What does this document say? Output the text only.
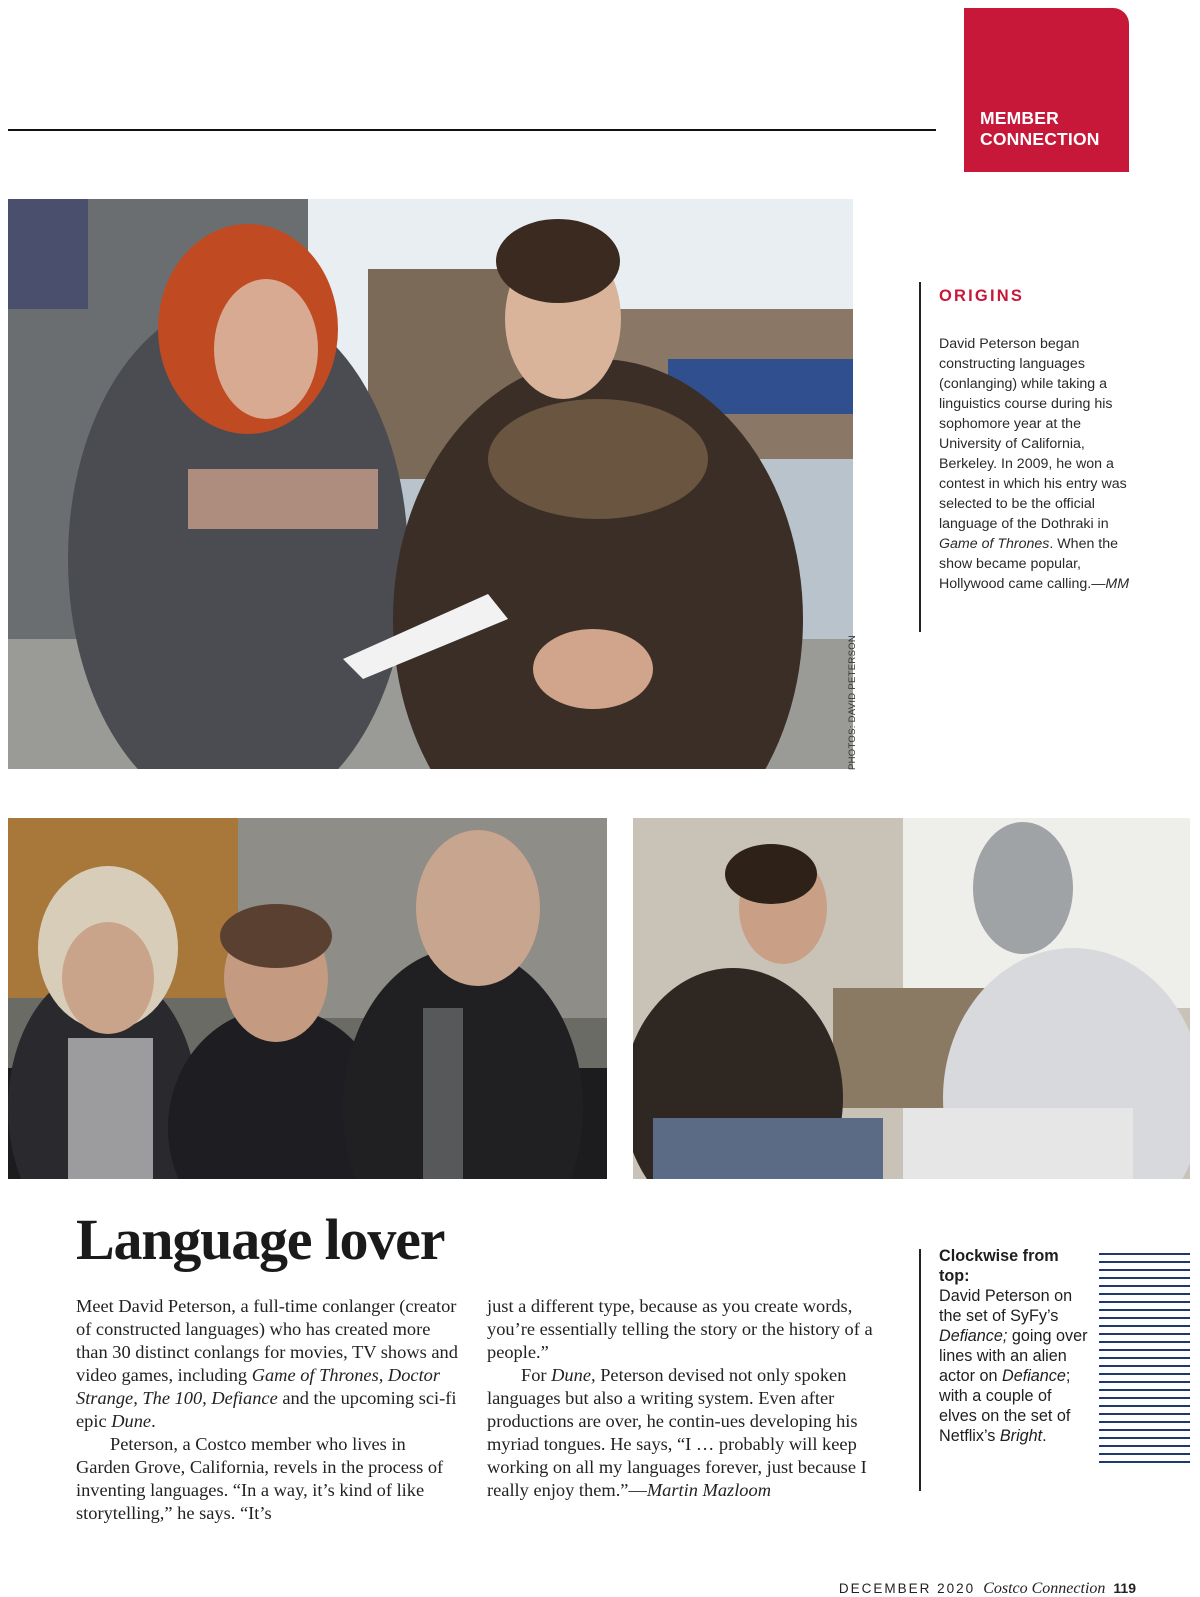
MEMBER
CONNECTION
PHOTOS: DAVID PETERSON
ORIGINS
David Peterson began constructing languages (conlanging) while taking a linguistics course during his sophomore year at the University of California, Berkeley. In 2009, he won a contest in which his entry was selected to be the official language of the Dothraki in Game of Thrones. When the show became popular, Hollywood came calling.—MM
Language lover

Meet David Peterson, a full-time conlanger (creator of constructed languages) who has created more than 30 distinct conlangs for movies, TV shows and video games, including Game of Thrones, Doctor Strange, The 100, Defiance and the upcoming sci-fi epic Dune.

Peterson, a Costco member who lives in Garden Grove, California, revels in the process of inventing languages. “In a way, it’s kind of like storytelling,” he says. “It’s

just a different type, because as you create words, you’re essentially telling the story or the history of a people.”

For Dune, Peterson devised not only spoken languages but also a writing system. Even after productions are over, he contin-ues developing his myriad tongues. He says, “I … probably will keep working on all my languages forever, just because I really enjoy them.”—Martin Mazloom

Clockwise from top:
David Peterson on the set of SyFy’s Defiance; going over lines with an alien actor on Defiance; with a couple of elves on the set of Netflix’s Bright.
DECEMBER 2020 Costco Connection 119
